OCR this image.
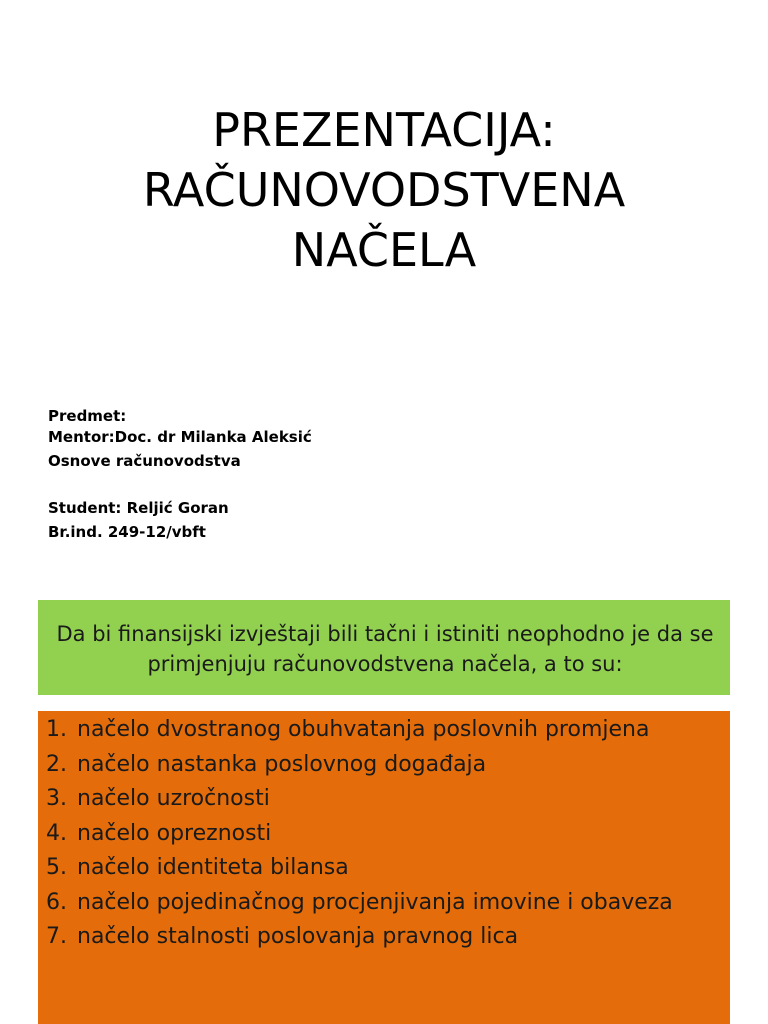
PREZENTACIJA:
RAČUNOVODSTVENA
NAČELA
Predmet:
Mentor:Doc. dr Milanka Aleksić
Osnove računovodstva
Student: Reljić Goran
Br.ind. 249-12/vbft
Da bi finansijski izvještaji bili tačni i istiniti neophodno je da se primjenjuju računovodstvena načela, a to su:
1. načelo dvostranog obuhvatanja poslovnih promjena
2. načelo nastanka poslovnog događaja
3. načelo uzročnosti
4. načelo opreznosti
5. načelo identiteta bilansa
6. načelo pojedinačnog procjenjivanja imovine i obaveza
7. načelo stalnosti poslovanja pravnog lica
